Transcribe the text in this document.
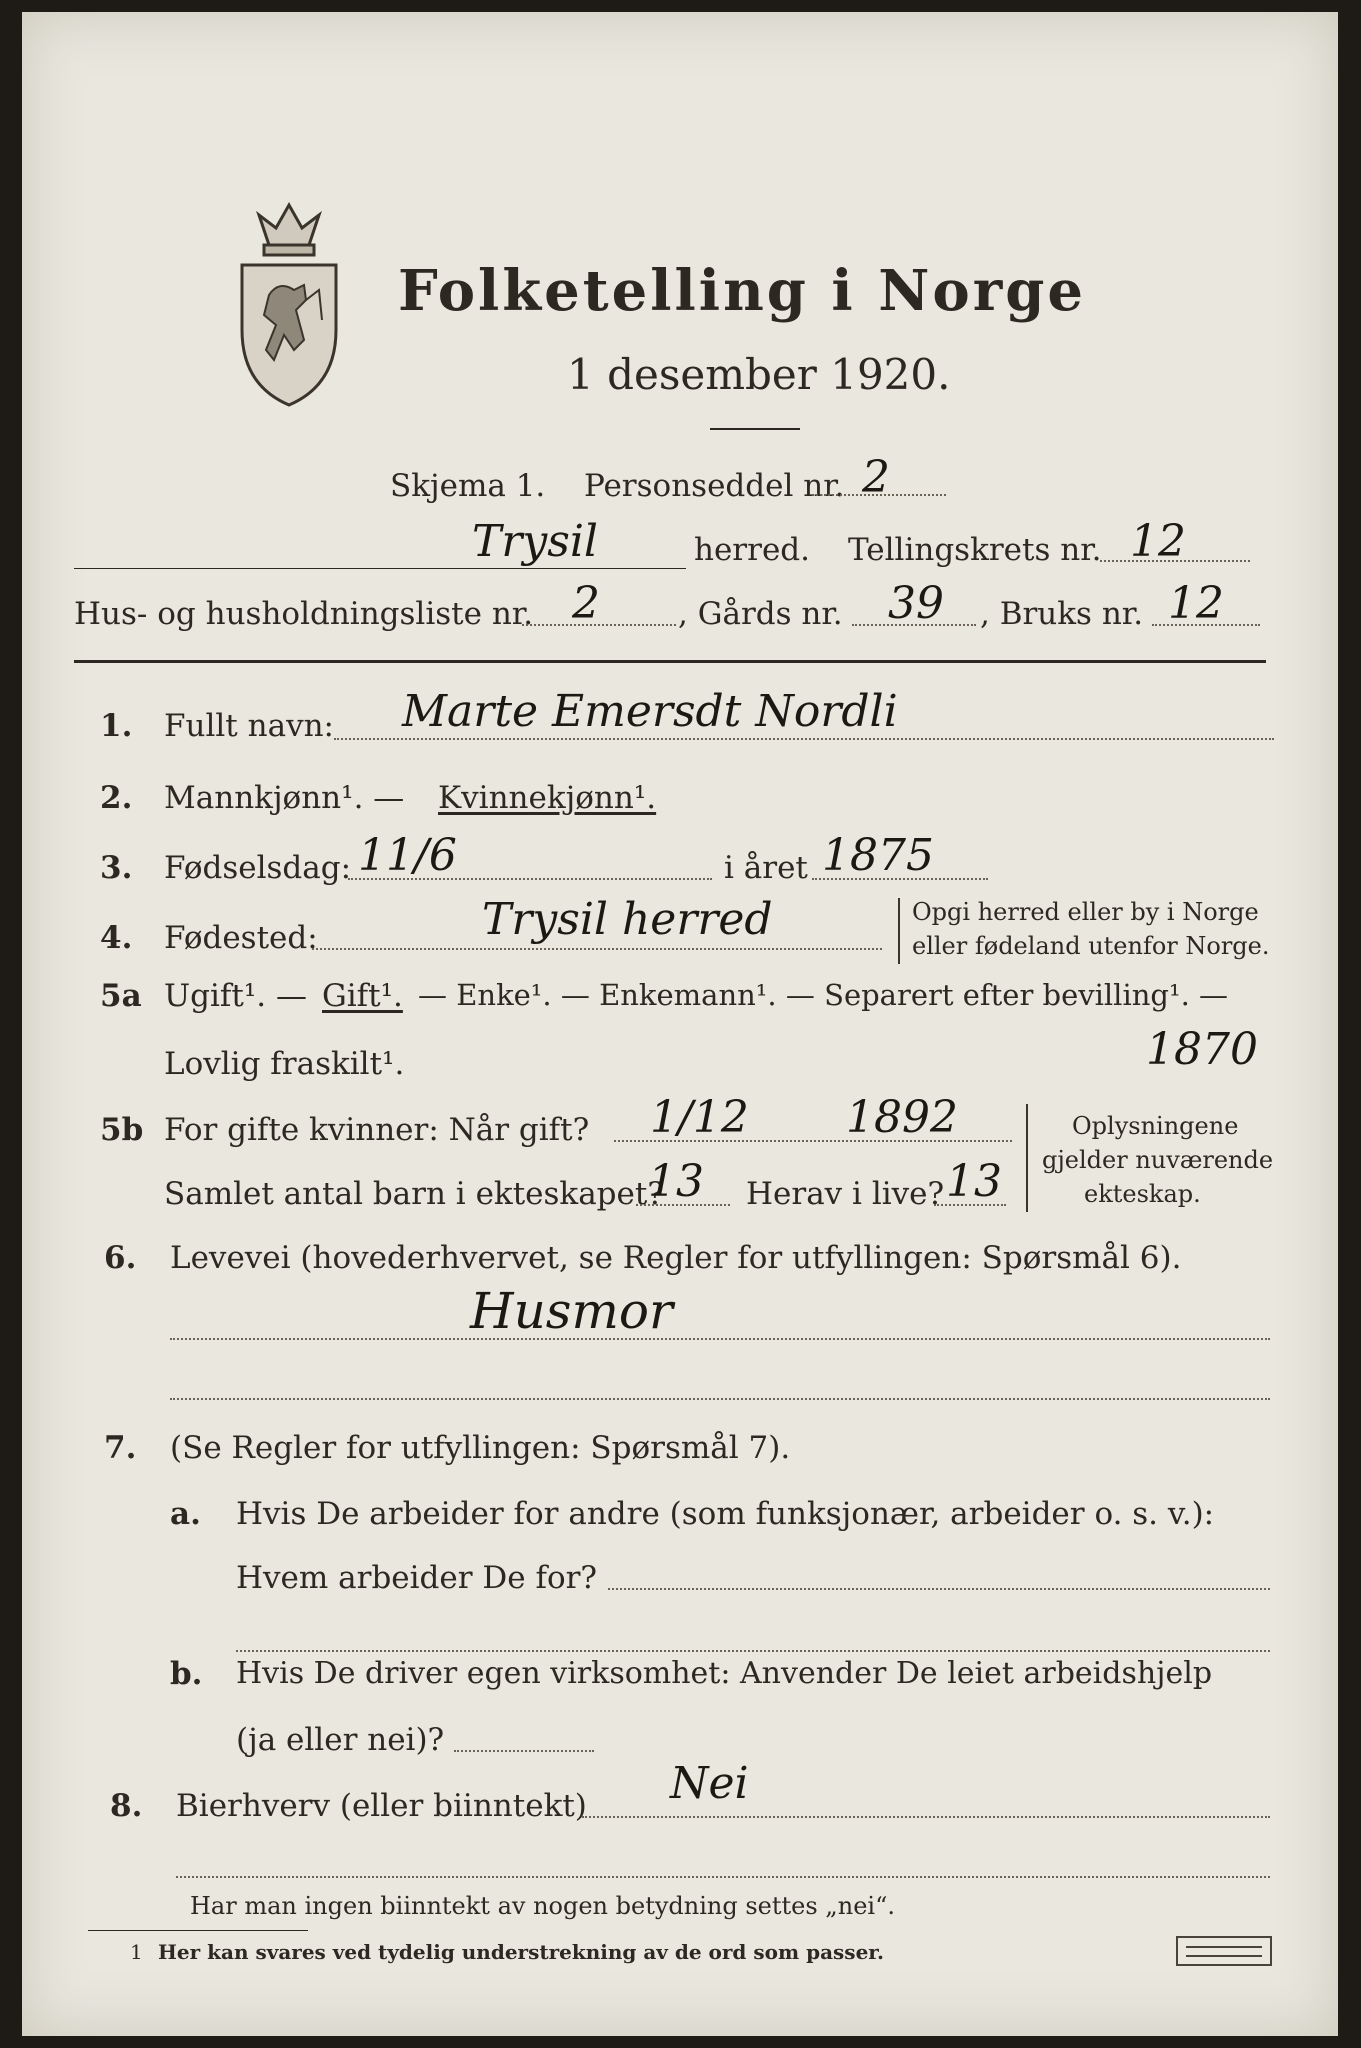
Folketelling i Norge
1 desember 1920.
Skjema 1. Personseddel nr. 2
Trysil	herred. Tellingskrets nr. 12
Hus- og husholdningsliste nr. 2	, Gårds nr. 39 , Bruks nr. 12
1. Fullt navn: Marte Emersdt Nordli
2. Mannkjønn¹. — Kvinnekjønn¹.
3. Fødselsdag: 11/6	i året 1875
4. Fødested:	Trysil herred	Opgi herred eller by i Norge
eller fødeland utenfor Norge.
5a Ugift¹. — Gift¹. — Enke¹. — Enkemann¹. — Separert efter bevilling¹. —
Lovlig fraskilt¹.	1870
5b For gifte kvinner: Når gift? 1/12 1892
Samlet antal barn i ekteskapet?
13 Herav i live? 13
Oplysningene
gjelder nuværende
ekteskap.
6. Levevei (hovederhvervet, se Regler for utfyllingen: Spørsmål 6).
Husmor
7. (Se Regler for utfyllingen: Spørsmål 7).
a. Hvis De arbeider for andre (som funksjonær, arbeider o. s. v.):
Hvem arbeider De for?
b. Hvis De driver egen virksomhet: Anvender De leiet arbeidshjelp
(ja eller nei)?
8. Bierhverv (eller biinntekt) Nei
Har man ingen biinntekt av nogen betydning settes „nei“.
1 Her kan svares ved tydelig understrekning av de ord som passer.
